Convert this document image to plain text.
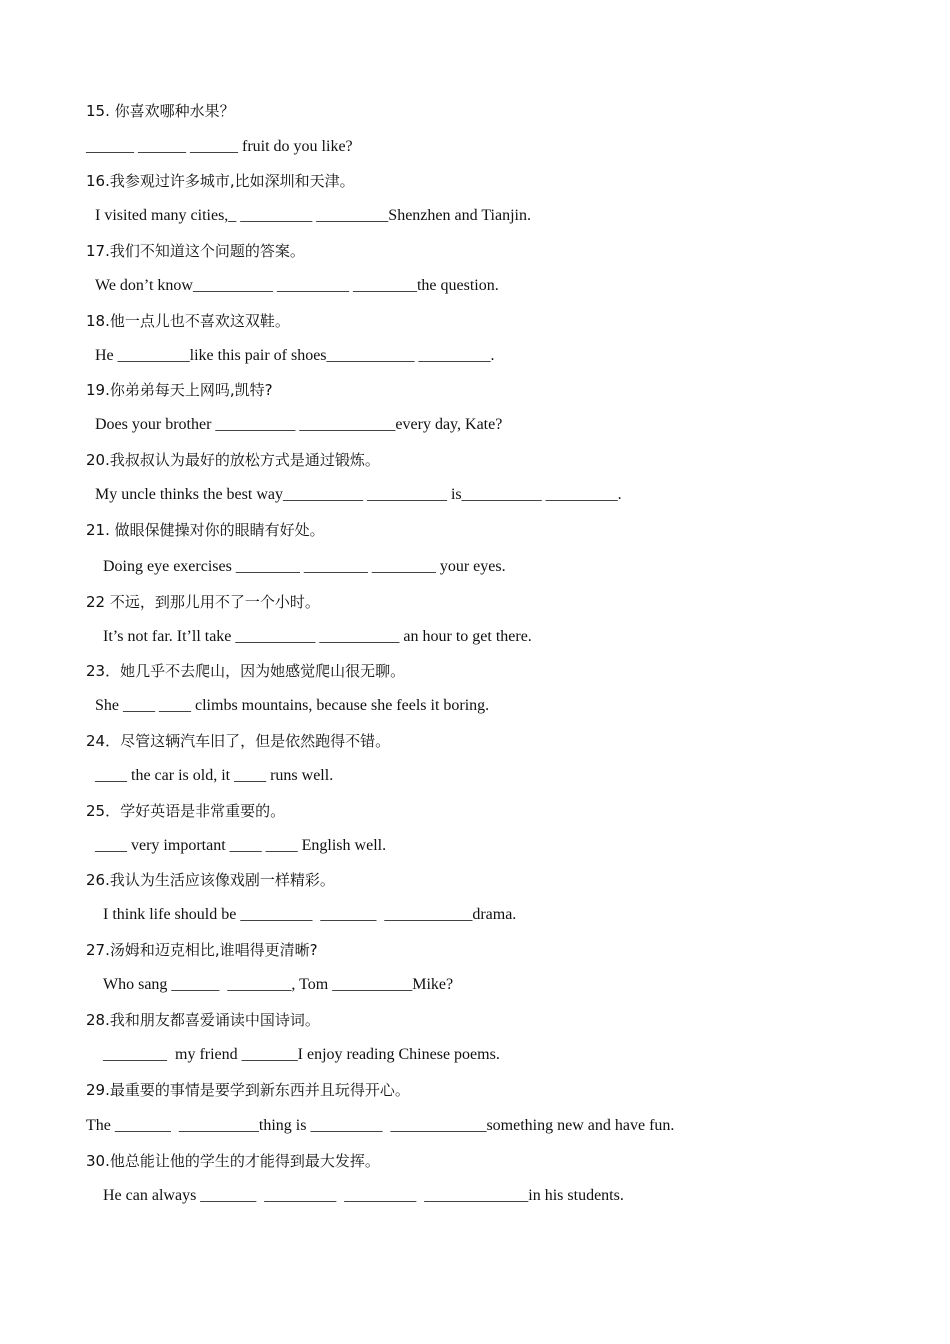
15. 你喜欢哪种水果？

______ ______ ______ fruit do you like?

16.我参观过许多城市,比如深圳和天津。

I visited many cities,_ _________ _________Shenzhen and Tianjin.

17.我们不知道这个问题的答案。

We don’t know__________ _________ ________the question.

18.他一点儿也不喜欢这双鞋。

He _________like this pair of shoes___________ _________.

19.你弟弟每天上网吗,凯特?

Does your brother __________ ____________every day, Kate?

20.我叔叔认为最好的放松方式是通过锻炼。

My uncle thinks the best way__________ __________ is__________ _________.

21. 做眼保健操对你的眼睛有好处。

Doing eye exercises ________ ________ ________ your eyes.

22 不远，到那儿用不了一个小时。

It’s not far. It’ll take __________ __________ an hour to get there.

23．她几乎不去爬山，因为她感觉爬山很无聊。

She ____ ____ climbs mountains, because she feels it boring.

24．尽管这辆汽车旧了，但是依然跑得不错。

____ the car is old, it ____ runs well.

25．学好英语是非常重要的。

____ very important ____ ____ English well.

26.我认为生活应该像戏剧一样精彩。

I think life should be _________  _______  ___________drama.

27.汤姆和迈克相比,谁唱得更清晰?

Who sang ______  ________, Tom __________Mike?

28.我和朋友都喜爱诵读中国诗词。

________  my friend _______I enjoy reading Chinese poems.

29.最重要的事情是要学到新东西并且玩得开心。

The _______  __________thing is _________  ____________something new and have fun.

30.他总能让他的学生的才能得到最大发挥。

He can always _______  _________  _________  _____________in his students.
